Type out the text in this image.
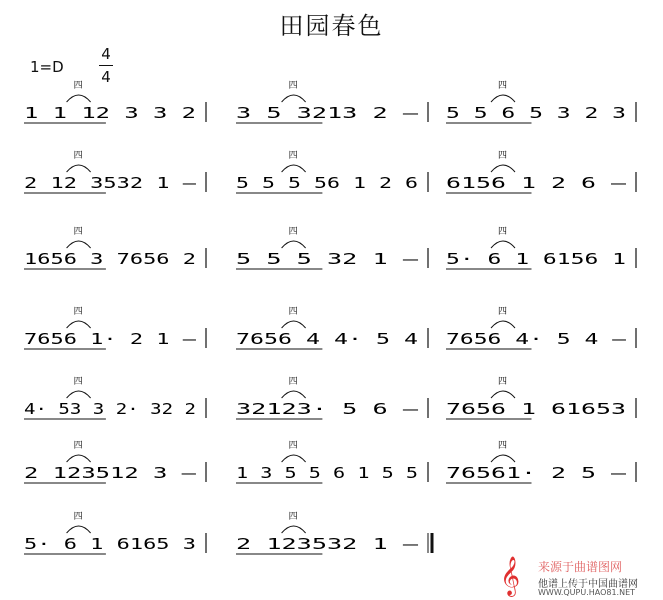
田园春色
1=D
4
4
1 1 12 3 3 2
四
3 5 3213 2 –
四
5 5 6 5 3 2 3
四
2 12 3532 1 –
四
5 5 5 56 1 2 6
四
6156 1 2 6 –
四
1656 3 7656 2
四
5 5 5 32 1 –
四
5· 6 1 6156 1
四
7656 1· 2 1 –
四
7656 4 4· 5 4
四
7656 4· 5 4 –
四
4· 53 3 2· 32 2
四
32123· 5 6 –
四
7656 1 61653
四
2 123512 3 –
四
1 3 5 5 6 1 5 5
四
76561· 2 5 –
四
5· 6 1 6165 3
四
2 123532 1 –
四
𝄞 来源于曲谱图网
他谱上传于中国曲谱网
WWW.QUPU.HAO81.NET
